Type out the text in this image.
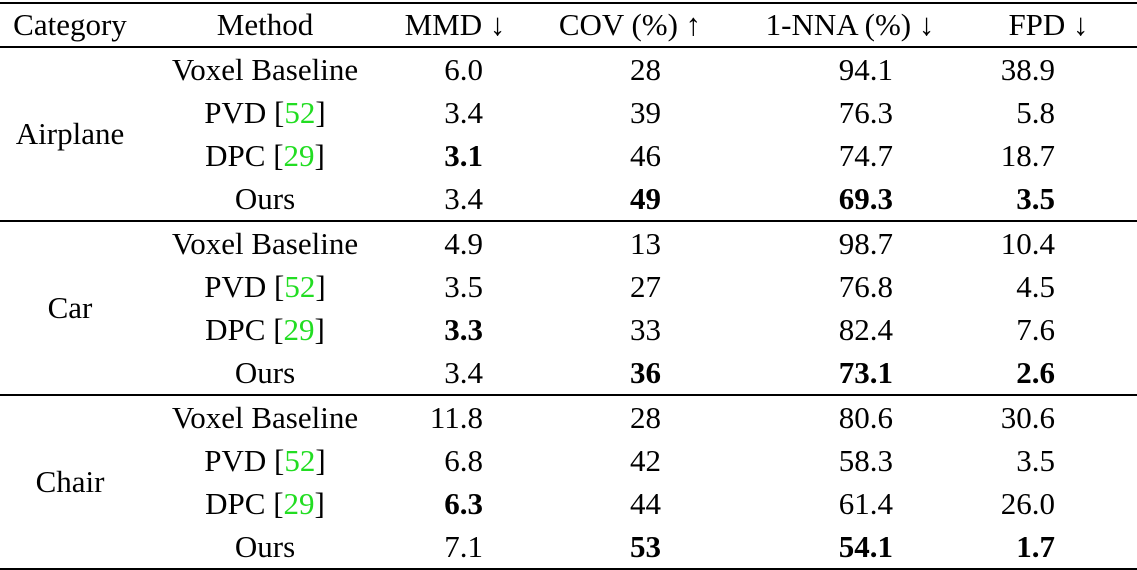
Category	Method	MMD ↓	COV (%) ↑	1-NNA (%) ↓	FPD ↓
Airplane	Voxel Baseline	6.0	28	94.1	38.9
	PVD [52]	3.4	39	76.3	5.8
	DPC [29]	3.1	46	74.7	18.7
	Ours	3.4	49	69.3	3.5
Car	Voxel Baseline	4.9	13	98.7	10.4
	PVD [52]	3.5	27	76.8	4.5
	DPC [29]	3.3	33	82.4	7.6
	Ours	3.4	36	73.1	2.6
Chair	Voxel Baseline	11.8	28	80.6	30.6
	PVD [52]	6.8	42	58.3	3.5
	DPC [29]	6.3	44	61.4	26.0
	Ours	7.1	53	54.1	1.7
